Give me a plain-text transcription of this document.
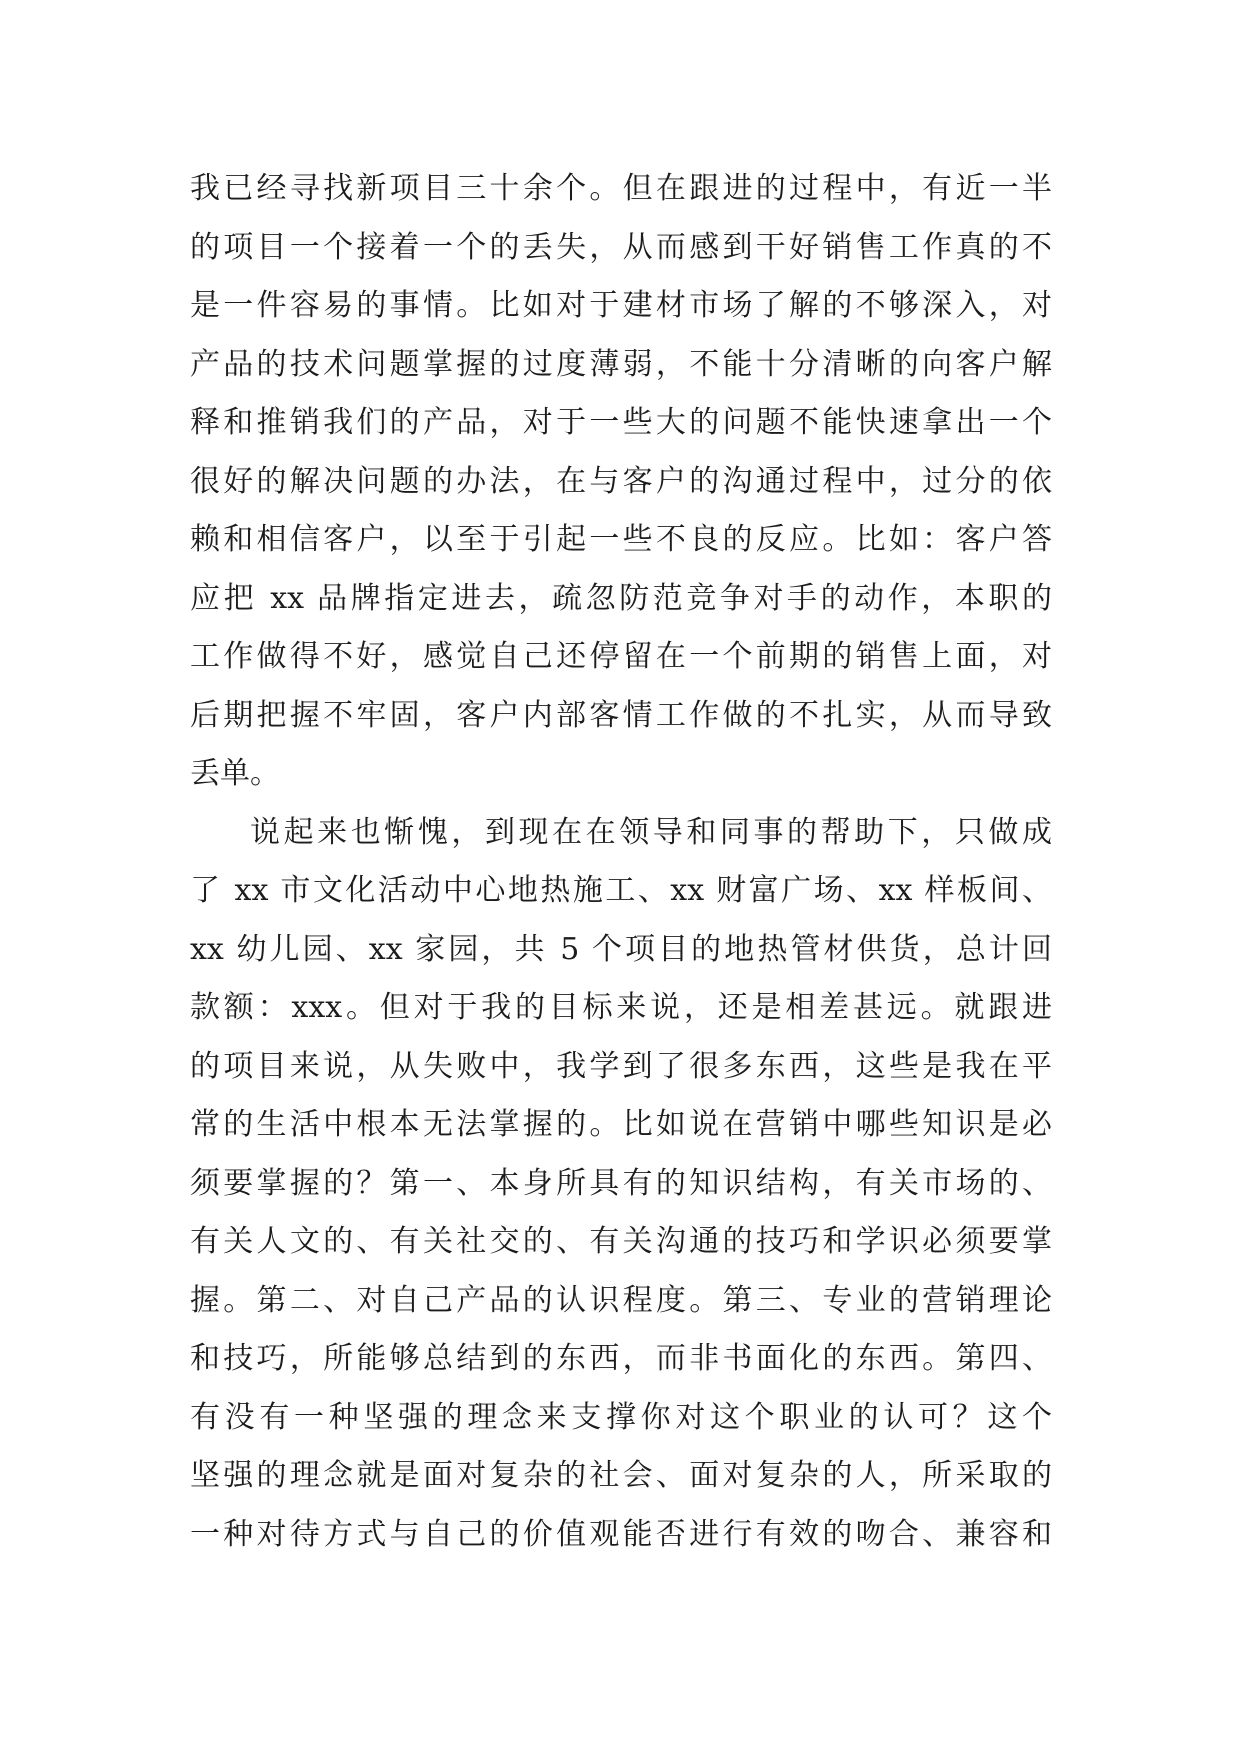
我已经寻找新项目三十余个。但在跟进的过程中，有近一半
的项目一个接着一个的丢失，从而感到干好销售工作真的不
是一件容易的事情。比如对于建材市场了解的不够深入，对
产品的技术问题掌握的过度薄弱，不能十分清晰的向客户解
释和推销我们的产品，对于一些大的问题不能快速拿出一个
很好的解决问题的办法，在与客户的沟通过程中，过分的依
赖和相信客户，以至于引起一些不良的反应。比如：客户答
应把 xx 品牌指定进去，疏忽防范竞争对手的动作，本职的
工作做得不好，感觉自己还停留在一个前期的销售上面，对
后期把握不牢固，客户内部客情工作做的不扎实，从而导致
丢单。
说起来也惭愧，到现在在领导和同事的帮助下，只做成
了 xx 市文化活动中心地热施工、xx 财富广场、xx 样板间、
xx 幼儿园、xx 家园，共 5 个项目的地热管材供货，总计回
款额：xxx。但对于我的目标来说，还是相差甚远。就跟进
的项目来说，从失败中，我学到了很多东西，这些是我在平
常的生活中根本无法掌握的。比如说在营销中哪些知识是必
须要掌握的？第一、本身所具有的知识结构，有关市场的、
有关人文的、有关社交的、有关沟通的技巧和学识必须要掌
握。第二、对自己产品的认识程度。第三、专业的营销理论
和技巧，所能够总结到的东西，而非书面化的东西。第四、
有没有一种坚强的理念来支撑你对这个职业的认可？这个
坚强的理念就是面对复杂的社会、面对复杂的人，所采取的
一种对待方式与自己的价值观能否进行有效的吻合、兼容和
